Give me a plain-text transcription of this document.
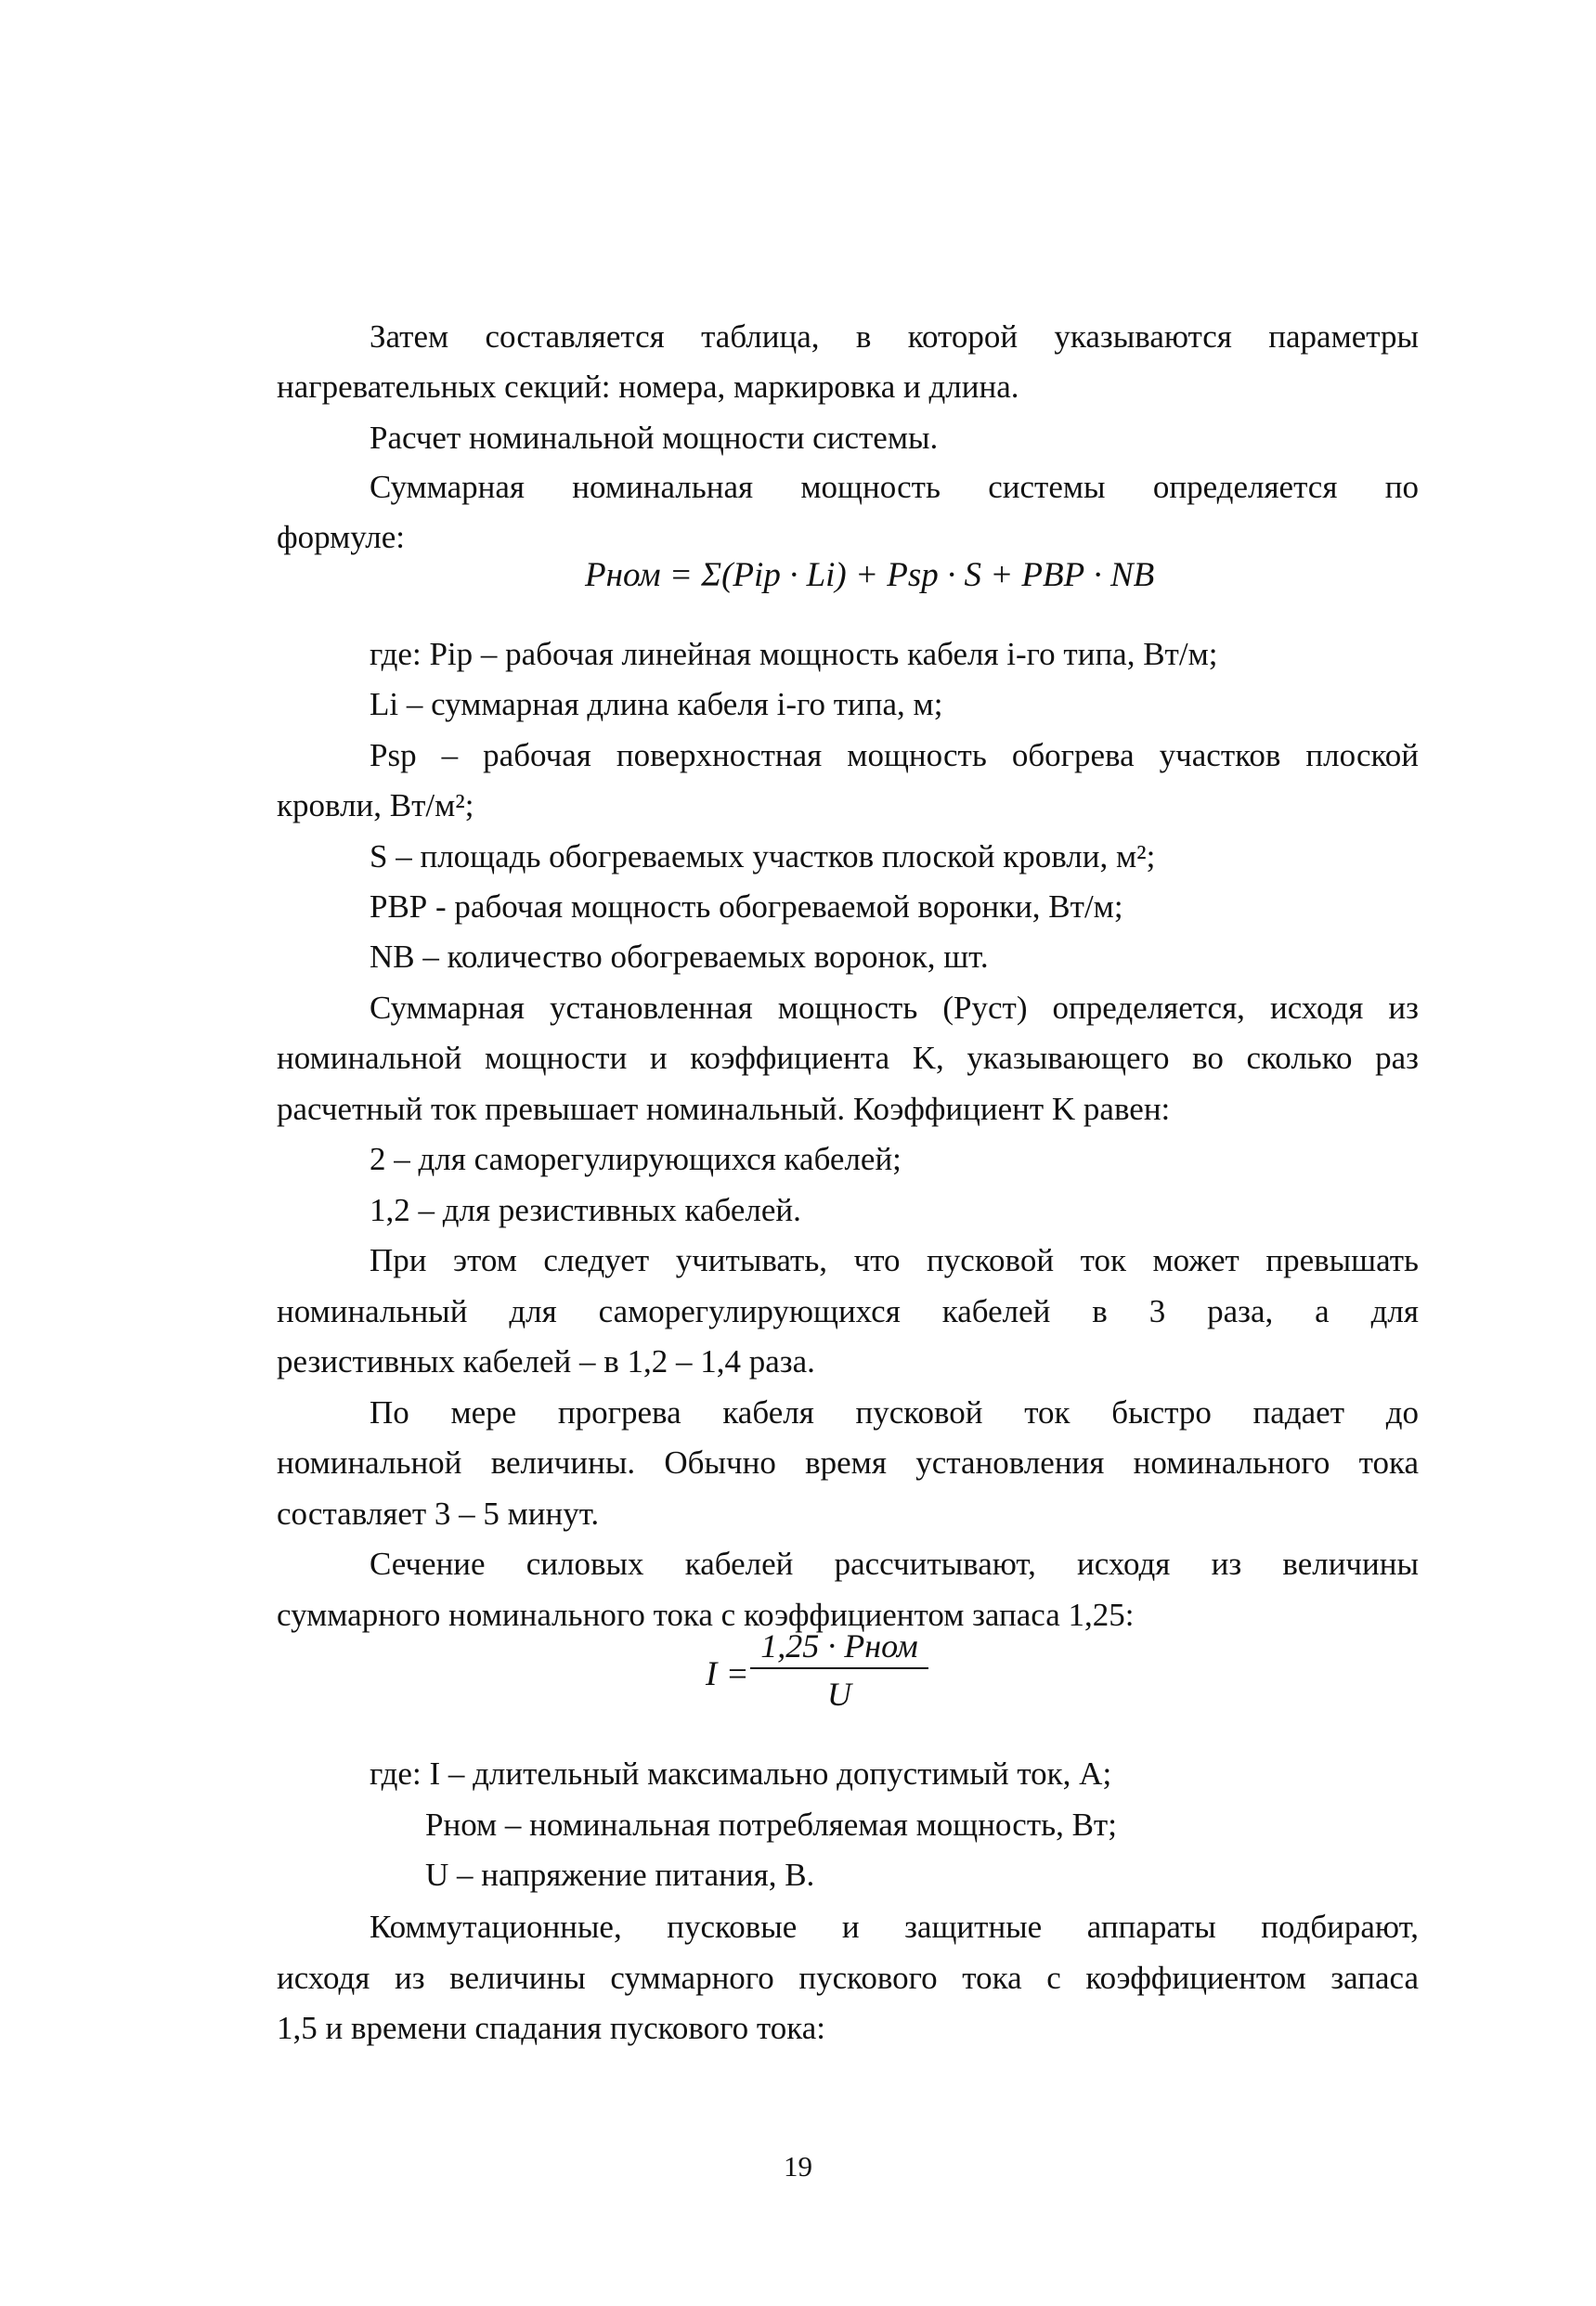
Затем составляется таблица, в которой указываются параметры
нагревательных секций: номера, маркировка и длина.
Расчет номинальной мощности системы.
Суммарная номинальная мощность системы определяется по
формуле:
Pном = Σ(Pip · Li) + Psp · S + PВР · NВ
где: Pip – рабочая линейная мощность кабеля i-го типа, Вт/м;
Li – суммарная длина кабеля i-го типа, м;
Psp – рабочая поверхностная мощность обогрева участков плоской
кровли, Вт/м²;
S – площадь обогреваемых участков плоской кровли, м²;
PВР - рабочая мощность обогреваемой воронки, Вт/м;
NВ – количество обогреваемых воронок, шт.
Суммарная установленная мощность (Pуст) определяется, исходя из
номинальной мощности и коэффициента K, указывающего во сколько раз
расчетный ток превышает номинальный. Коэффициент K равен:
2 – для саморегулирующихся кабелей;
1,2 – для резистивных кабелей.
При этом следует учитывать, что пусковой ток может превышать
номинальный для саморегулирующихся кабелей в 3 раза, а для
резистивных кабелей – в 1,2 – 1,4 раза.
По мере прогрева кабеля пусковой ток быстро падает до
номинальной величины. Обычно время установления номинального тока
составляет 3 – 5 минут.
Сечение силовых кабелей рассчитывают, исходя из величины
суммарного номинального тока с коэффициентом запаса 1,25:
I =
1,25 · Pном
U
где: I – длительный максимально допустимый ток, А;
Pном – номинальная потребляемая мощность, Вт;
U – напряжение питания, В.
Коммутационные, пусковые и защитные аппараты подбирают,
исходя из величины суммарного пускового тока с коэффициентом запаса
1,5 и времени спадания пускового тока:
19
